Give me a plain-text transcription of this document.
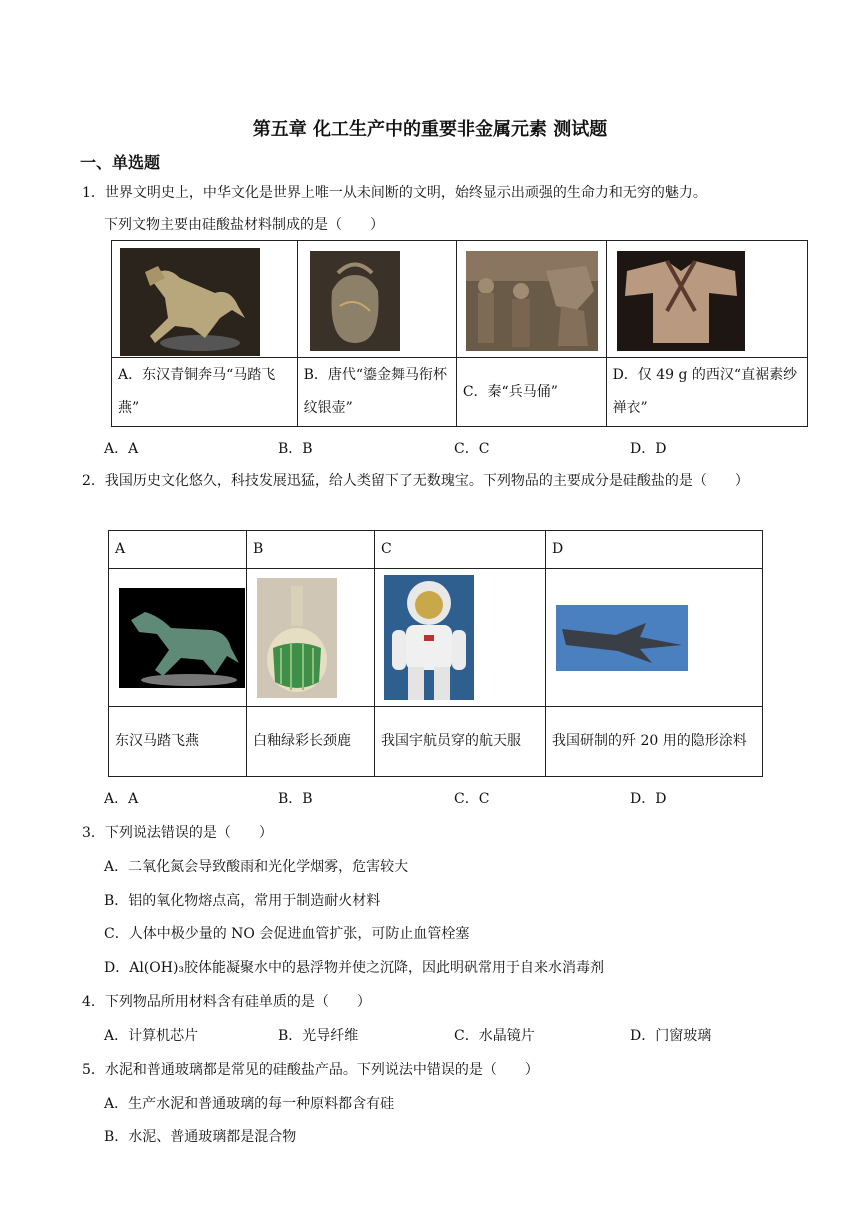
第五章 化工生产中的重要非金属元素 测试题
一、单选题
1．世界文明史上，中华文化是世界上唯一从未间断的文明，始终显示出顽强的生命力和无穷的魅力。
下列文物主要由硅酸盐材料制成的是（　　）

A．东汉青铜奔马“马踏飞燕”	B．唐代“鎏金舞马衔杯纹银壶”	C．秦“兵马俑”	D．仅 49 g 的西汉“直裾素纱禅衣”
A．A	B．B	C．C	D．D
2．我国历史文化悠久，科技发展迅猛，给人类留下了无数瑰宝。下列物品的主要成分是硅酸盐的是（　　）
A	B	C	D

东汉马踏飞燕	白釉绿彩长颈鹿	我国宇航员穿的航天服	我国研制的歼 20 用的隐形涂料
A．A	B．B	C．C	D．D
3．下列说法错误的是（　　）
A．二氧化氮会导致酸雨和光化学烟雾，危害较大
B．铝的氧化物熔点高，常用于制造耐火材料
C．人体中极少量的 NO 会促进血管扩张，可防止血管栓塞
D．Al(OH)₃胶体能凝聚水中的悬浮物并使之沉降，因此明矾常用于自来水消毒剂
4．下列物品所用材料含有硅单质的是（　　）
A．计算机芯片	B．光导纤维	C．水晶镜片	D．门窗玻璃
5．水泥和普通玻璃都是常见的硅酸盐产品。下列说法中错误的是（　　）
A．生产水泥和普通玻璃的每一种原料都含有硅
B．水泥、普通玻璃都是混合物
